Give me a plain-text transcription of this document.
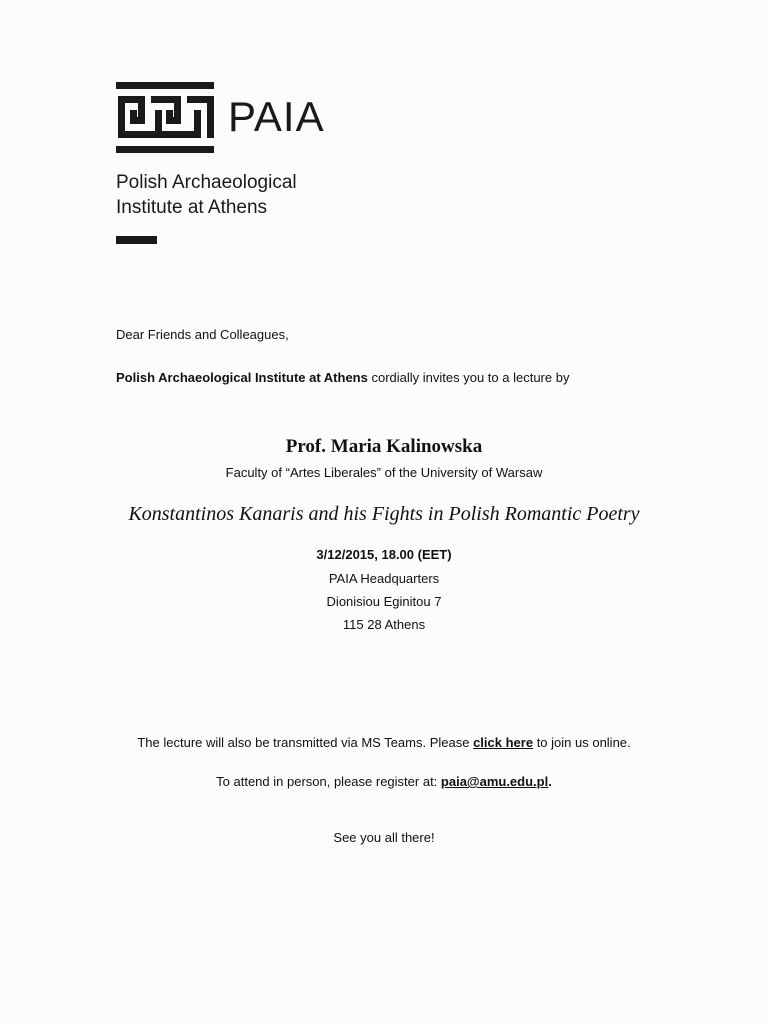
PAIA
Polish Archaeological
Institute at Athens
Dear Friends and Colleagues,
Polish Archaeological Institute at Athens cordially invites you to a lecture by
Prof. Maria Kalinowska
Faculty of “Artes Liberales” of the University of Warsaw
Konstantinos Kanaris and his Fights in Polish Romantic Poetry
3/12/2015, 18.00 (EET)
PAIA Headquarters
Dionisiou Eginitou 7
115 28 Athens
The lecture will also be transmitted via MS Teams. Please click here to join us online.
To attend in person, please register at: paia@amu.edu.pl.
See you all there!
